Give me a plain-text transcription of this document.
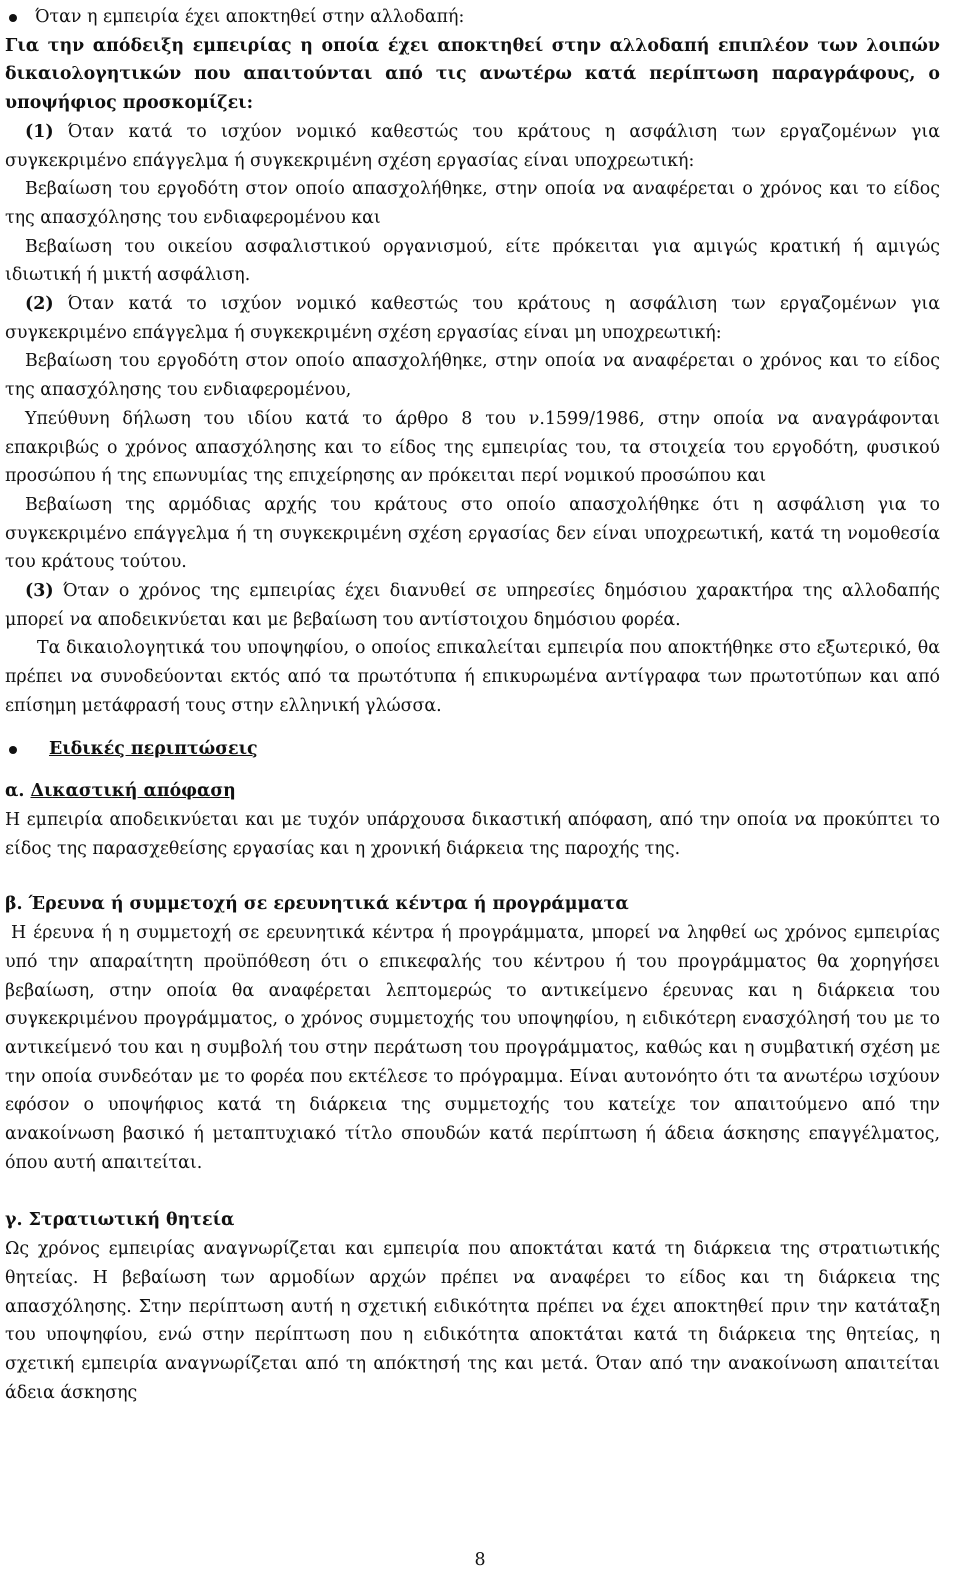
Όταν η εμπειρία έχει αποκτηθεί στην αλλοδαπή:

Για την απόδειξη εμπειρίας η οποία έχει αποκτηθεί στην αλλοδαπή επιπλέον των λοιπών δικαιολογητικών που απαιτούνται από τις ανωτέρω κατά περίπτωση παραγράφους, ο υποψήφιος προσκομίζει:

(1) Όταν κατά το ισχύον νομικό καθεστώς του κράτους η ασφάλιση των εργαζομένων για συγκεκριμένο επάγγελμα ή συγκεκριμένη σχέση εργασίας είναι υποχρεωτική:

Βεβαίωση του εργοδότη στον οποίο απασχολήθηκε, στην οποία να αναφέρεται ο χρόνος και το είδος της απασχόλησης του ενδιαφερομένου και

Βεβαίωση του οικείου ασφαλιστικού οργανισμού, είτε πρόκειται για αμιγώς κρατική ή αμιγώς ιδιωτική ή μικτή ασφάλιση.

(2) Όταν κατά το ισχύον νομικό καθεστώς του κράτους η ασφάλιση των εργαζομένων για συγκεκριμένο επάγγελμα ή συγκεκριμένη σχέση εργασίας είναι μη υποχρεωτική:

Βεβαίωση του εργοδότη στον οποίο απασχολήθηκε, στην οποία να αναφέρεται ο χρόνος και το είδος της απασχόλησης του ενδιαφερομένου,

Υπεύθυνη δήλωση του ιδίου κατά το άρθρο 8 του ν.1599/1986, στην οποία να αναγράφονται επακριβώς ο χρόνος απασχόλησης και το είδος της εμπειρίας του, τα στοιχεία του εργοδότη, φυσικού προσώπου ή της επωνυμίας της επιχείρησης αν πρόκειται περί νομικού προσώπου και

Βεβαίωση της αρμόδιας αρχής του κράτους στο οποίο απασχολήθηκε ότι η ασφάλιση για το συγκεκριμένο επάγγελμα ή τη συγκεκριμένη σχέση εργασίας δεν είναι υποχρεωτική, κατά τη νομοθεσία του κράτους τούτου.

(3) Όταν ο χρόνος της εμπειρίας έχει διανυθεί σε υπηρεσίες δημόσιου χαρακτήρα της αλλοδαπής μπορεί να αποδεικνύεται και με βεβαίωση του αντίστοιχου δημόσιου φορέα.

Τα δικαιολογητικά του υποψηφίου, ο οποίος επικαλείται εμπειρία που αποκτήθηκε στο εξωτερικό, θα πρέπει να συνοδεύονται εκτός από τα πρωτότυπα ή επικυρωμένα αντίγραφα των πρωτοτύπων και από επίσημη μετάφρασή τους στην ελληνική γλώσσα.

Ειδικές περιπτώσεις

α. Δικαστική απόφαση

Η εμπειρία αποδεικνύεται και με τυχόν υπάρχουσα δικαστική απόφαση, από την οποία να προκύπτει το είδος της παρασχεθείσης εργασίας και η χρονική διάρκεια της παροχής της.

β. Έρευνα ή συμμετοχή σε ερευνητικά κέντρα ή προγράμματα

Η έρευνα ή η συμμετοχή σε ερευνητικά κέντρα ή προγράμματα, μπορεί να ληφθεί ως χρόνος εμπειρίας υπό την απαραίτητη προϋπόθεση ότι ο επικεφαλής του κέντρου ή του προγράμματος θα χορηγήσει βεβαίωση, στην οποία θα αναφέρεται λεπτομερώς το αντικείμενο έρευνας και η διάρκεια του συγκεκριμένου προγράμματος, ο χρόνος συμμετοχής του υποψηφίου, η ειδικότερη ενασχόλησή του με το αντικείμενό του και η συμβολή του στην περάτωση του προγράμματος, καθώς και η συμβατική σχέση με την οποία συνδεόταν με το φορέα που εκτέλεσε το πρόγραμμα. Είναι αυτονόητο ότι τα ανωτέρω ισχύουν εφόσον ο υποψήφιος κατά τη διάρκεια της συμμετοχής του κατείχε τον απαιτούμενο από την ανακοίνωση βασικό ή μεταπτυχιακό τίτλο σπουδών κατά περίπτωση ή άδεια άσκησης επαγγέλματος, όπου αυτή απαιτείται.

γ. Στρατιωτική θητεία

Ως χρόνος εμπειρίας αναγνωρίζεται και εμπειρία που αποκτάται κατά τη διάρκεια της στρατιωτικής θητείας. Η βεβαίωση των αρμοδίων αρχών πρέπει να αναφέρει το είδος και τη διάρκεια της απασχόλησης. Στην περίπτωση αυτή η σχετική ειδικότητα πρέπει να έχει αποκτηθεί πριν την κατάταξη του υποψηφίου, ενώ στην περίπτωση που η ειδικότητα αποκτάται κατά τη διάρκεια της θητείας, η σχετική εμπειρία αναγνωρίζεται από τη απόκτησή της και μετά. Όταν από την ανακοίνωση απαιτείται άδεια άσκησης

8
